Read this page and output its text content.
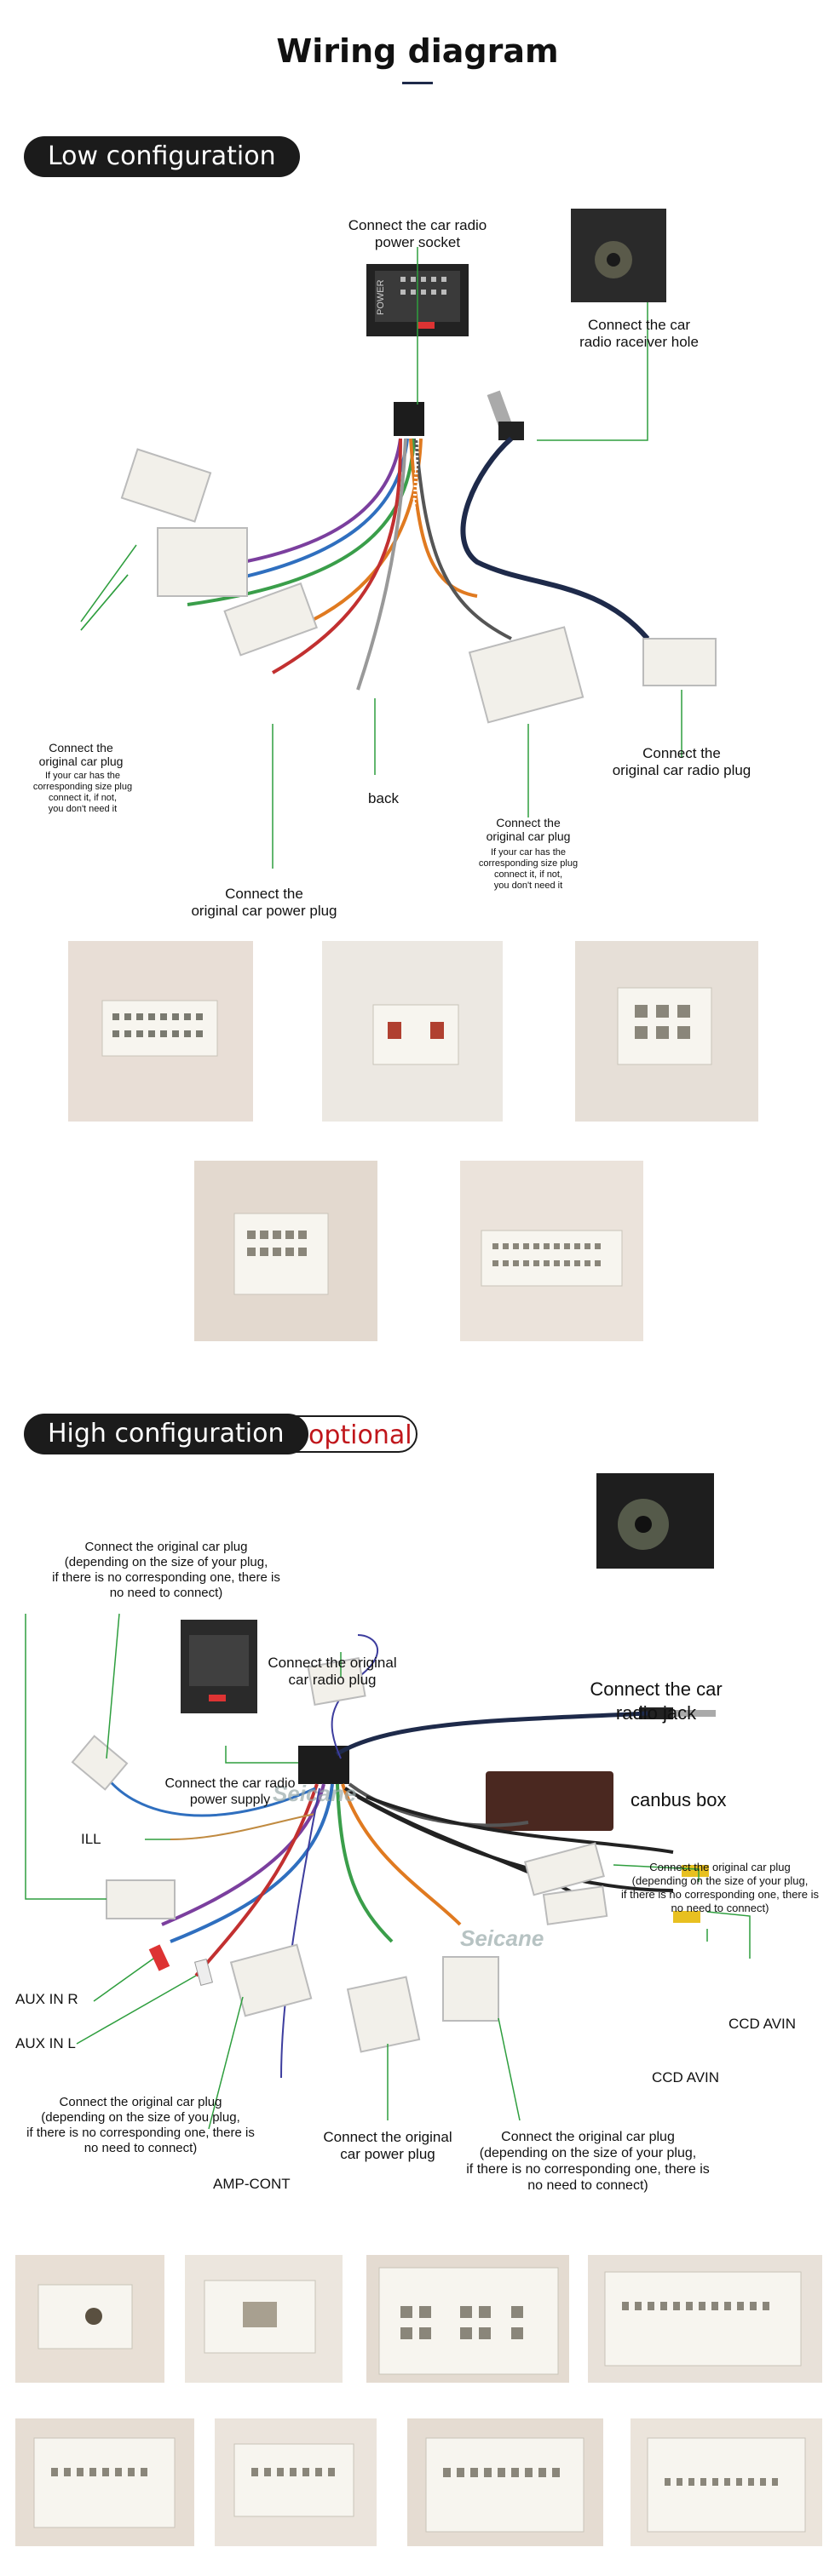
Wiring diagram
Low configuration
POWER
Connect the car radio
power socket
Connect the car
radio raceiver hole
Connect the
original car plug
If your car has the
corresponding size plug
connect it, if not,
you don't need it
back
Connect the
original car plug
If your car has the
corresponding size plug
connect it, if not,
you don't need it
Connect the
original car radio plug
Connect the
original car power plug
optional
High configuration
Seicane
Seicane
Connect the original car plug
(depending on the size of your plug,
if there is no corresponding one, there is
no need to connect)
Connect the original
car radio plug	Connect the car
radio jack
Connect the car radio
power supply	canbus box
ILL
Connect the original car plug
(depending on the size of your plug,
if there is no corresponding one, there is
no need to connect)
AUX IN R
AUX IN L
CCD AVIN
CCD AVIN
Connect the original car plug
(depending on the size of you plug,
if there is no corresponding one, there is
no need to connect)
AMP-CONT
Connect the original
car power plug
Connect the original car plug
(depending on the size of your plug,
if there is no corresponding one, there is
no need to connect)
